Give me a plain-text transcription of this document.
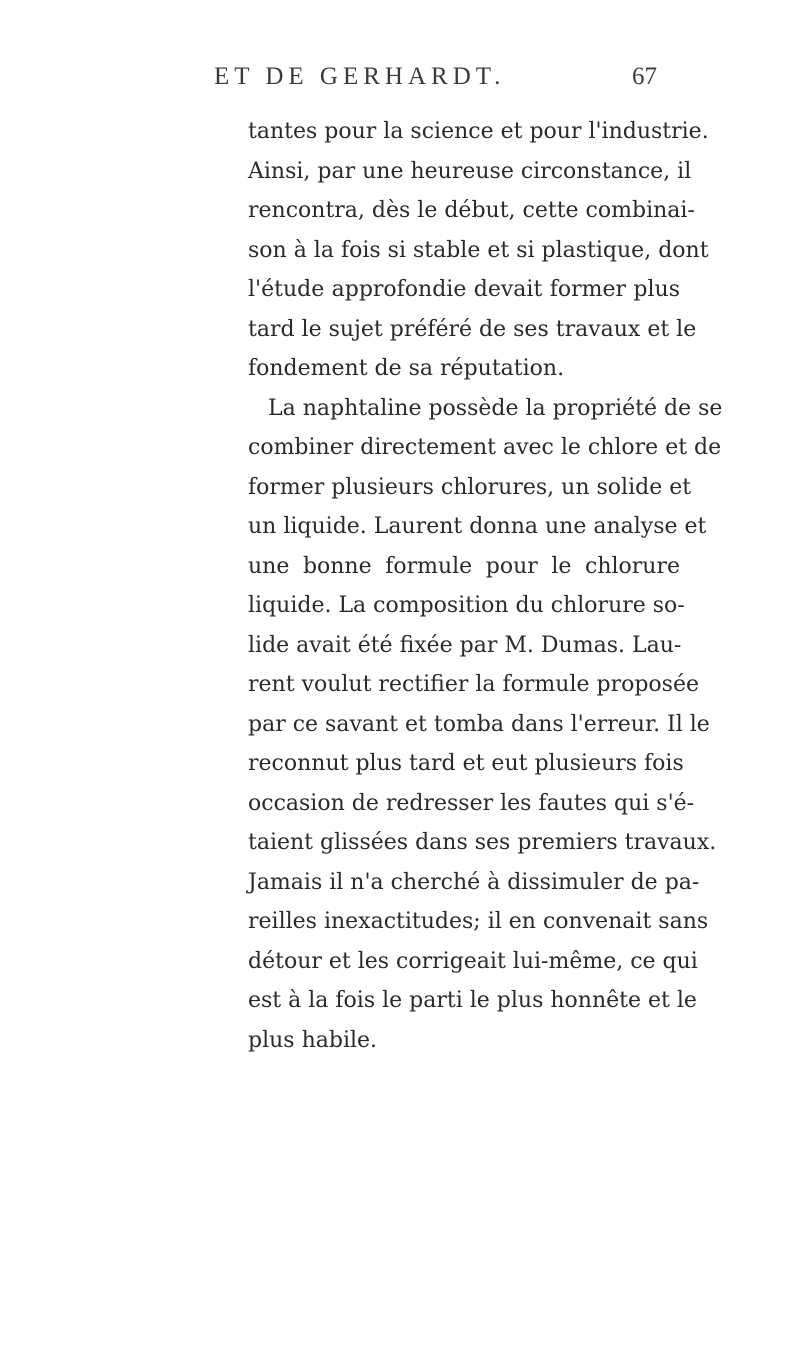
ET DE GERHARDT.	67
tantes pour la science et pour l'industrie.
Ainsi, par une heureuse circonstance, il
rencontra, dès le début, cette combinai-
son à la fois si stable et si plastique, dont
l'étude approfondie devait former plus
tard le sujet préféré de ses travaux et le
fondement de sa réputation.
La naphtaline possède la propriété de se
combiner directement avec le chlore et de
former plusieurs chlorures, un solide et
un liquide. Laurent donna une analyse et
une bonne formule pour le chlorure
liquide. La composition du chlorure so-
lide avait été fixée par M. Dumas. Lau-
rent voulut rectifier la formule proposée
par ce savant et tomba dans l'erreur. Il le
reconnut plus tard et eut plusieurs fois
occasion de redresser les fautes qui s'é-
taient glissées dans ses premiers travaux.
Jamais il n'a cherché à dissimuler de pa-
reilles inexactitudes; il en convenait sans
détour et les corrigeait lui-même, ce qui
est à la fois le parti le plus honnête et le
plus habile.
